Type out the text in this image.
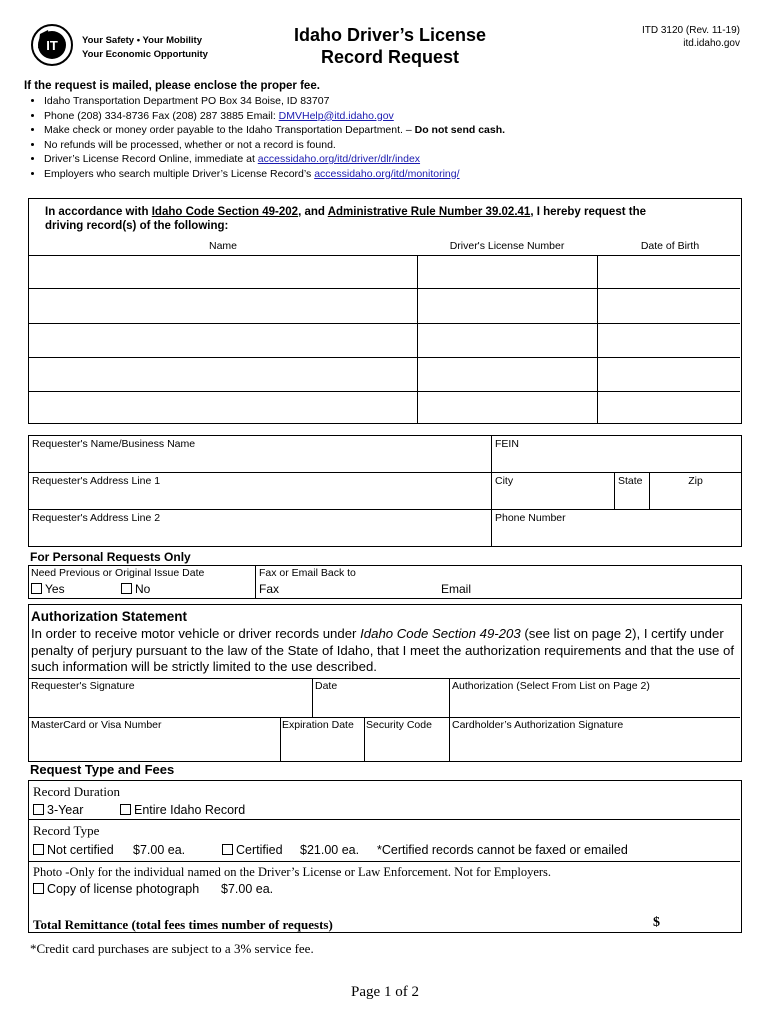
IT	Your Safety • Your Mobility
Your Economic Opportunity
Idaho Driver’s License
Record Request
ITD 3120 (Rev. 11-19)
itd.idaho.gov
If the request is mailed, please enclose the proper fee.
• Idaho Transportation Department PO Box 34 Boise, ID 83707
• Phone (208) 334-8736 Fax (208) 287 3885 Email: DMVHelp@itd.idaho.gov
• Make check or money order payable to the Idaho Transportation Department. – Do not send cash.
• No refunds will be processed, whether or not a record is found.
• Driver’s License Record Online, immediate at accessidaho.org/itd/driver/dlr/index
• Employers who search multiple Driver’s License Record’s accessidaho.org/itd/monitoring/
In accordance with Idaho Code Section 49-202, and Administrative Rule Number 39.02.41, I hereby request the
driving record(s) of the following:
Name	Driver's License Number	Date of Birth
Requester's Name/Business Name	FEIN
Requester's Address Line 1	City	State	Zip
Requester's Address Line 2	Phone Number
For Personal Requests Only
Need Previous or Original Issue Date
Yes	No
Fax or Email Back to
Fax	Email
Authorization Statement
In order to receive motor vehicle or driver records under Idaho Code Section 49-203 (see list on page 2), I certify under penalty of perjury pursuant to the law of the State of Idaho, that I meet the authorization requirements and that the use of such information will be strictly limited to the use described.
Requester's Signature	Date	Authorization (Select From List on Page 2)
MasterCard or Visa Number	Expiration Date	Security Code	Cardholder’s Authorization Signature
Request Type and Fees
Record Duration
3-Year	Entire Idaho Record
Record Type
Not certified $7.00 ea.	Certified $21.00 ea. *Certified records cannot be faxed or emailed
Photo -Only for the individual named on the Driver’s License or Law Enforcement. Not for Employers.
Copy of license photograph $7.00 ea.
Total Remittance (total fees times number of requests)	$
*Credit card purchases are subject to a 3% service fee.
Page 1 of 2
